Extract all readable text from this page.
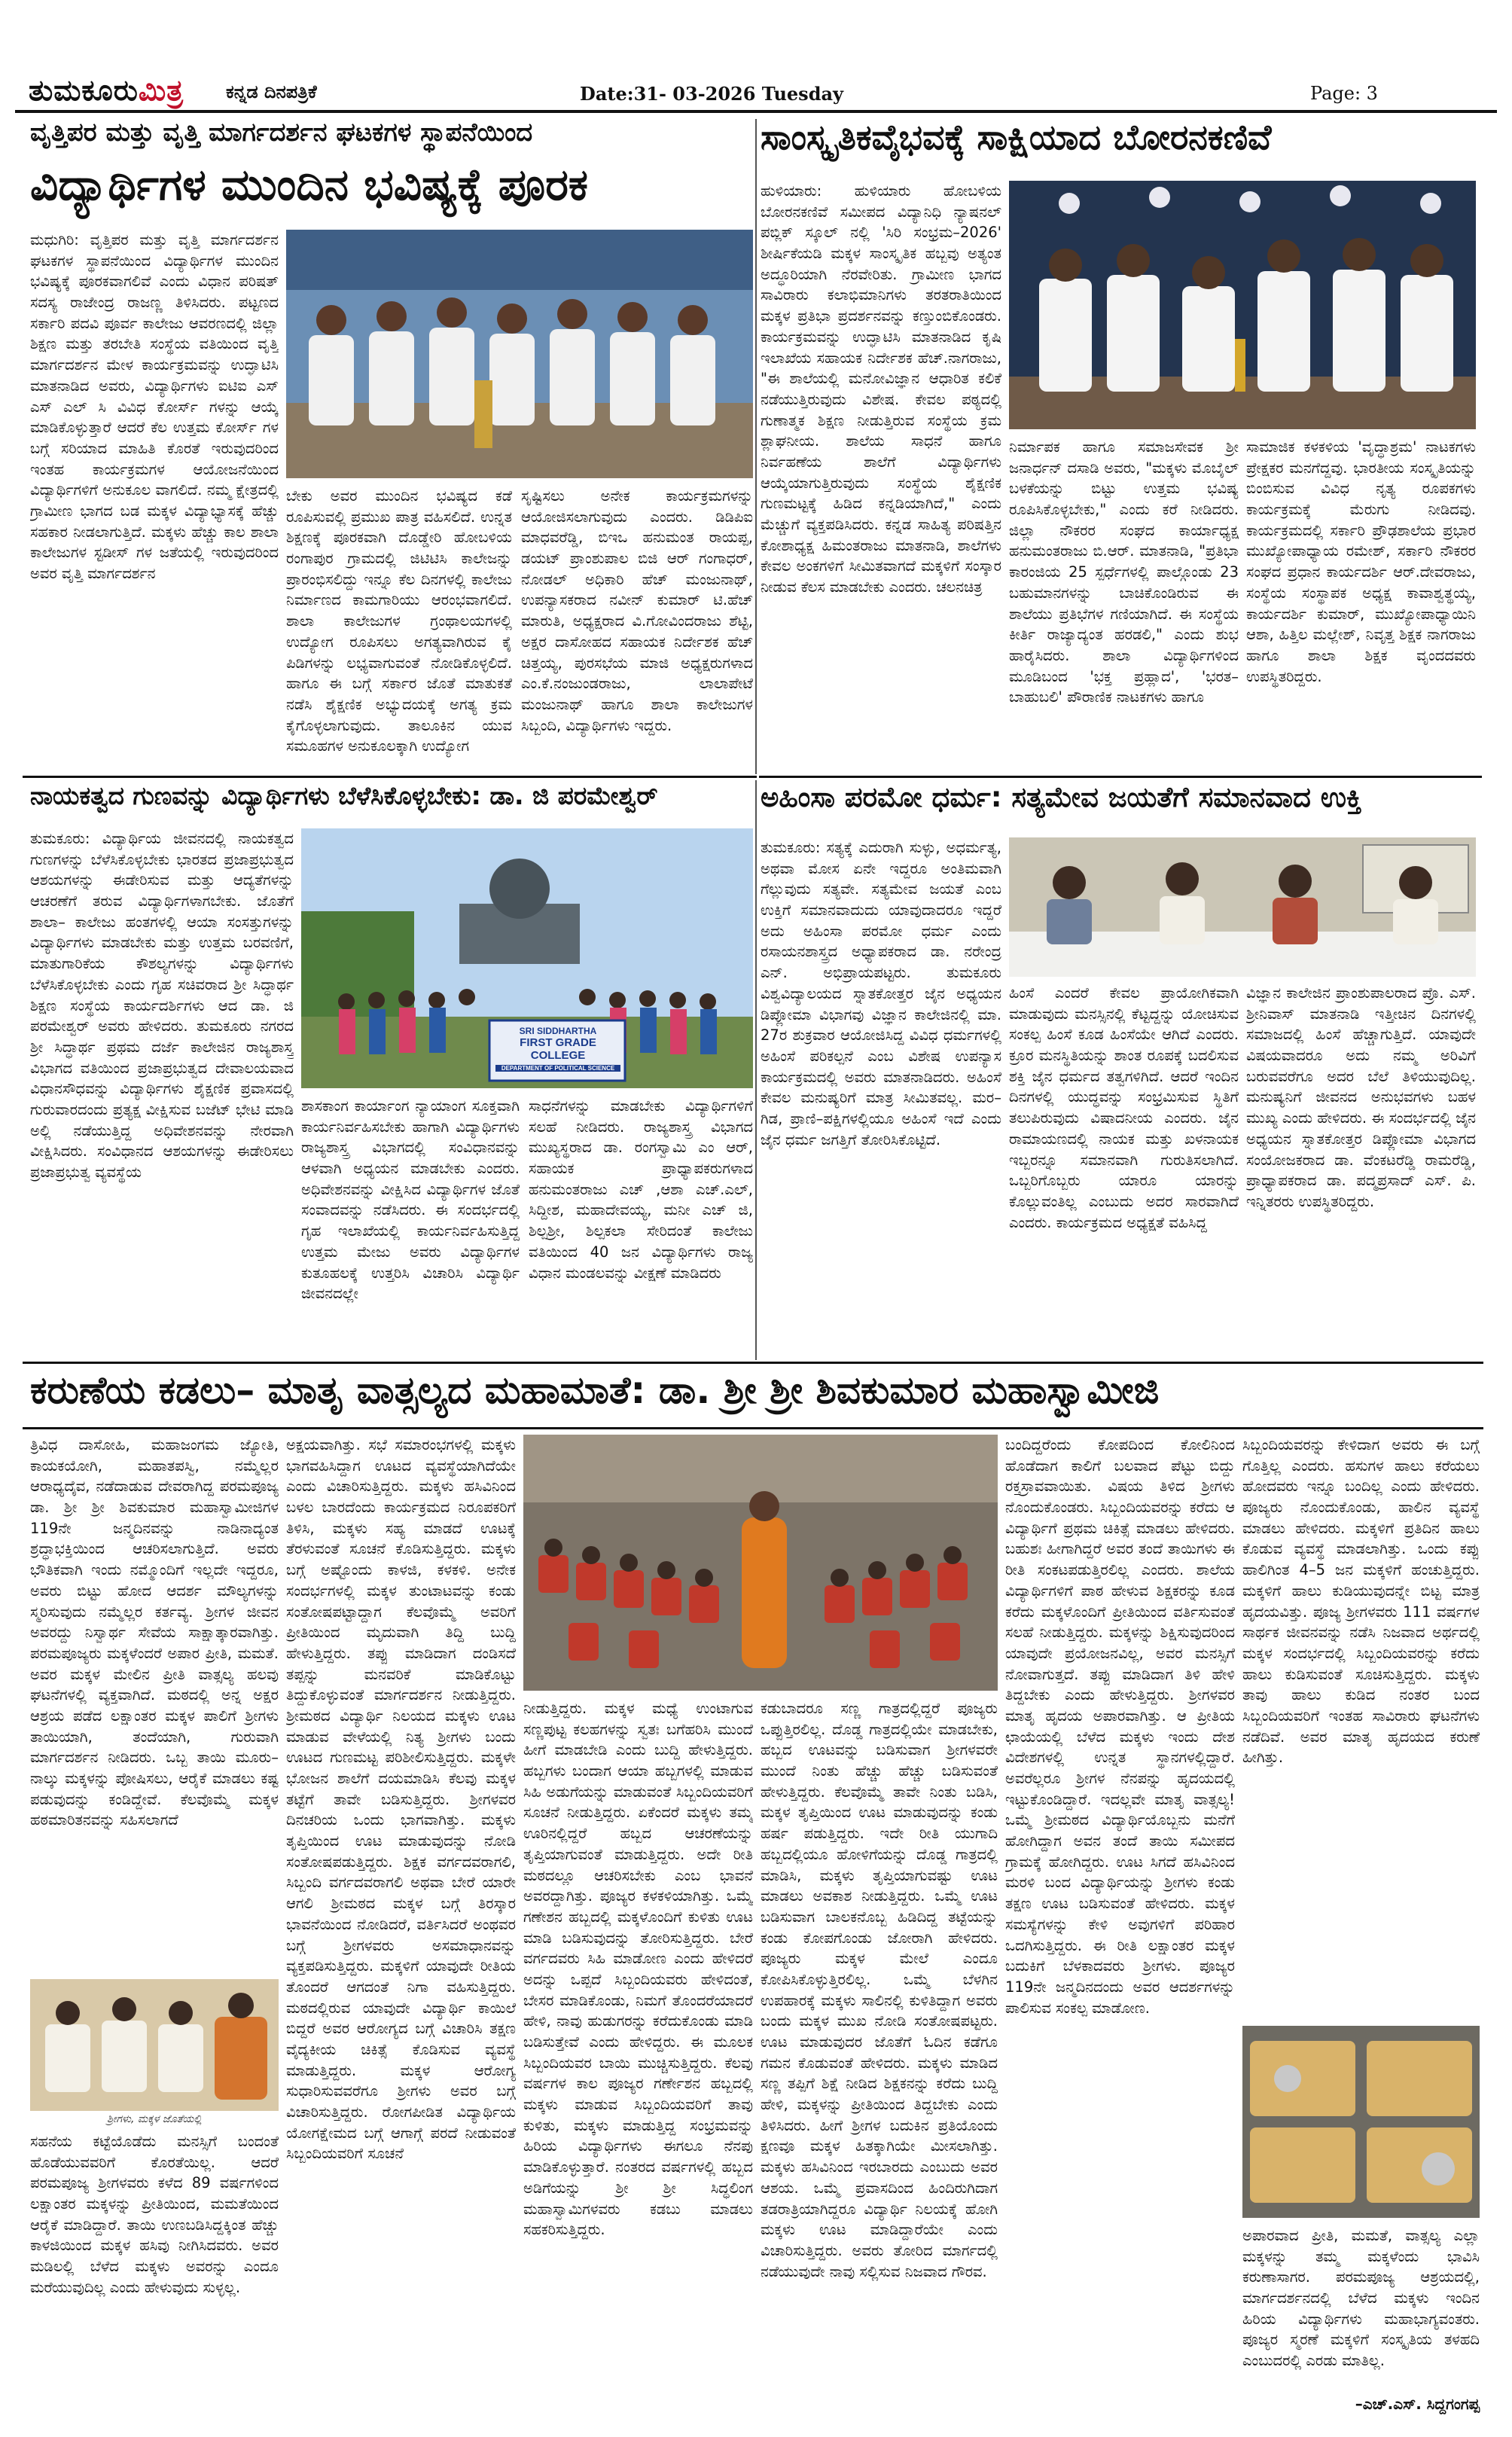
ತುಮಕೂರುಮಿತ್ರ ಕನ್ನಡ ದಿನಪತ್ರಿಕೆ	Date:31- 03-2026 Tuesday	Page: 3
ವೃತ್ತಿಪರ ಮತ್ತು ವೃತ್ತಿ ಮಾರ್ಗದರ್ಶನ ಘಟಕಗಳ ಸ್ಥಾಪನೆಯಿಂದ
ವಿದ್ಯಾರ್ಥಿಗಳ ಮುಂದಿನ ಭವಿಷ್ಯಕ್ಕೆ ಪೂರಕ

ಮಧುಗಿರಿ: ವೃತ್ತಿಪರ ಮತ್ತು ವೃತ್ತಿ ಮಾರ್ಗದರ್ಶನ ಘಟಕಗಳ ಸ್ಥಾಪನೆಯಿಂದ ವಿದ್ಯಾರ್ಥಿಗಳ ಮುಂದಿನ ಭವಿಷ್ಯಕ್ಕೆ ಪೂರಕವಾಗಲಿವೆ ಎಂದು ವಿಧಾನ ಪರಿಷತ್ ಸದಸ್ಯ ರಾಜೇಂದ್ರ ರಾಜಣ್ಣ ತಿಳಿಸಿದರು. ಪಟ್ಟಣದ ಸರ್ಕಾರಿ ಪದವಿ ಪೂರ್ವ ಕಾಲೇಜು ಆವರಣದಲ್ಲಿ ಜಿಲ್ಲಾ ಶಿಕ್ಷಣ ಮತ್ತು ತರಬೇತಿ ಸಂಸ್ಥೆಯ ವತಿಯಿಂದ ವೃತ್ತಿ ಮಾರ್ಗದರ್ಶನ ಮೇಳ ಕಾರ್ಯಕ್ರಮವನ್ನು ಉದ್ಘಾಟಿಸಿ ಮಾತನಾಡಿದ ಅವರು, ವಿದ್ಯಾರ್ಥಿಗಳು ಐಟಿಐ ಎಸ್ ಎಸ್ ಎಲ್ ಸಿ ವಿವಿಧ ಕೋರ್ಸ್ ಗಳನ್ನು ಆಯ್ಕೆ ಮಾಡಿಕೊಳ್ಳುತ್ತಾರೆ ಆದರೆ ಕೆಲ ಉತ್ತಮ ಕೋರ್ಸ್ ಗಳ ಬಗ್ಗೆ ಸರಿಯಾದ ಮಾಹಿತಿ ಕೊರತೆ ಇರುವುದರಿಂದ ಇಂತಹ ಕಾರ್ಯಕ್ರಮಗಳ ಆಯೋಜನೆಯಿಂದ ವಿದ್ಯಾರ್ಥಿಗಳಿಗೆ ಅನುಕೂಲ ವಾಗಲಿದೆ. ನಮ್ಮ ಕ್ಷೇತ್ರದಲ್ಲಿ ಗ್ರಾಮೀಣ ಭಾಗದ ಬಡ ಮಕ್ಕಳ ವಿದ್ಯಾಭ್ಯಾಸಕ್ಕೆ ಹೆಚ್ಚು ಸಹಕಾರ ನೀಡಲಾಗುತ್ತಿದೆ. ಮಕ್ಕಳು ಹೆಚ್ಚು ಕಾಲ ಶಾಲಾ ಕಾಲೇಜುಗಳ ಸ್ಟಡೀಸ್ ಗಳ ಜತೆಯಲ್ಲಿ ಇರುವುದರಿಂದ ಅವರ ವೃತ್ತಿ ಮಾರ್ಗದರ್ಶನ

ಬೇಕು ಅವರ ಮುಂದಿನ ಭವಿಷ್ಯದ ಕಡೆ ರೂಪಿಸುವಲ್ಲಿ ಪ್ರಮುಖ ಪಾತ್ರ ವಹಿಸಲಿದೆ. ಉನ್ನತ ಶಿಕ್ಷಣಕ್ಕೆ ಪೂರಕವಾಗಿ ದೊಡ್ಡೇರಿ ಹೋಬಳಿಯ ರಂಗಾಪುರ ಗ್ರಾಮದಲ್ಲಿ ಜಿಟಿಟಿಸಿ ಕಾಲೇಜನ್ನು ಪ್ರಾರಂಭಿಸಲಿದ್ದು ಇನ್ನೂ ಕೆಲ ದಿನಗಳಲ್ಲಿ ಕಾಲೇಜು ನಿರ್ಮಾಣದ ಕಾಮಗಾರಿಯು ಆರಂಭವಾಗಲಿದೆ. ಶಾಲಾ ಕಾಲೇಜುಗಳ ಗ್ರಂಥಾಲಯಗಳಲ್ಲಿ ಉದ್ಯೋಗ ರೂಪಿಸಲು ಅಗತ್ಯವಾಗಿರುವ ಕೈ ಪಿಡಿಗಳನ್ನು ಲಭ್ಯವಾಗುವಂತೆ ನೋಡಿಕೊಳ್ಳಲಿದೆ. ಹಾಗೂ ಈ ಬಗ್ಗೆ ಸರ್ಕಾರ ಜೊತೆ ಮಾತುಕತೆ ನಡೆಸಿ ಶೈಕ್ಷಣಿಕ ಅಭ್ಯುದಯಕ್ಕೆ ಅಗತ್ಯ ಕ್ರಮ ಕೈಗೊಳ್ಳಲಾಗುವುದು. ತಾಲೂಕಿನ ಯುವ ಸಮೂಹಗಳ ಅನುಕೂಲಕ್ಕಾಗಿ ಉದ್ಯೋಗ

ಸೃಷ್ಟಿಸಲು ಅನೇಕ ಕಾರ್ಯಕ್ರಮಗಳನ್ನು ಆಯೋಜಿಸಲಾಗುವುದು ಎಂದರು. ಡಿಡಿಪಿಐ ಮಾಧವರೆಡ್ಡಿ, ಬಿಇಒ ಹನುಮಂತ ರಾಯಪ್ಪ, ಡಯಟ್ ಪ್ರಾಂಶುಪಾಲ ಬಿಜಿ ಆರ್ ಗಂಗಾಧರ್, ನೋಡಲ್ ಅಧಿಕಾರಿ ಹೆಚ್ ಮಂಜುನಾಥ್, ಉಪನ್ಯಾಸಕರಾದ ನವೀನ್ ಕುಮಾರ್ ಟಿ.ಹೆಚ್ ಮಾರುತಿ, ಅಧ್ಯಕ್ಷರಾದ ವಿ.ಗೋವಿಂದರಾಜು ಶೆಟ್ಟಿ, ಅಕ್ಷರ ದಾಸೋಹದ ಸಹಾಯಕ ನಿರ್ದೇಶಕ ಹೆಚ್ ಚಿತ್ತಯ್ಯ, ಪುರಸಭೆಯ ಮಾಜಿ ಅಧ್ಯಕ್ಷರುಗಳಾದ ಎಂ.ಕೆ.ನಂಜುಂಡರಾಜು, ಲಾಲಾಪೇಟೆ ಮಂಜುನಾಥ್ ಹಾಗೂ ಶಾಲಾ ಕಾಲೇಜುಗಳ ಸಿಬ್ಬಂದಿ, ವಿದ್ಯಾರ್ಥಿಗಳು ಇದ್ದರು.

ಸಾಂಸ್ಕೃತಿಕವೈಭವಕ್ಕೆ ಸಾಕ್ಷಿಯಾದ ಬೋರನಕಣಿವೆ

ಹುಳಿಯಾರು: ಹುಳಿಯಾರು ಹೋಬಳಿಯ ಬೋರನಕಣಿವೆ ಸಮೀಪದ ವಿದ್ಯಾನಿಧಿ ನ್ಯಾಷನಲ್ ಪಬ್ಲಿಕ್ ಸ್ಕೂಲ್ ನಲ್ಲಿ 'ಸಿರಿ ಸಂಭ್ರಮ–2026' ಶೀರ್ಷಿಕೆಯಡಿ ಮಕ್ಕಳ ಸಾಂಸ್ಕೃತಿಕ ಹಬ್ಬವು ಅತ್ಯಂತ ಅದ್ಧೂರಿಯಾಗಿ ನೆರವೇರಿತು. ಗ್ರಾಮೀಣ ಭಾಗದ ಸಾವಿರಾರು ಕಲಾಭಿಮಾನಿಗಳು ತರತರಾತಿಯಿಂದ ಮಕ್ಕಳ ಪ್ರತಿಭಾ ಪ್ರದರ್ಶನವನ್ನು ಕಣ್ತುಂಬಿಕೊಂಡರು. ಕಾರ್ಯಕ್ರಮವನ್ನು ಉದ್ಘಾಟಿಸಿ ಮಾತನಾಡಿದ ಕೃಷಿ ಇಲಾಖೆಯ ಸಹಾಯಕ ನಿರ್ದೇಶಕ ಹೆಚ್.ನಾಗರಾಜು, "ಈ ಶಾಲೆಯಲ್ಲಿ ಮನೋವಿಜ್ಞಾನ ಆಧಾರಿತ ಕಲಿಕೆ ನಡೆಯುತ್ತಿರುವುದು ವಿಶೇಷ. ಕೇವಲ ಪಠ್ಯದಲ್ಲಿ ಗುಣಾತ್ಮಕ ಶಿಕ್ಷಣ ನೀಡುತ್ತಿರುವ ಸಂಸ್ಥೆಯ ಕ್ರಮ ಶ್ಲಾಘನೀಯ. ಶಾಲೆಯ ಸಾಧನೆ ಹಾಗೂ ನಿರ್ವಹಣೆಯ ಶಾಲೆಗೆ ವಿದ್ಯಾರ್ಥಿಗಳು ಆಯ್ಕೆಯಾಗುತ್ತಿರುವುದು ಸಂಸ್ಥೆಯ ಶೈಕ್ಷಣಿಕ ಗುಣಮಟ್ಟಕ್ಕೆ ಹಿಡಿದ ಕನ್ನಡಿಯಾಗಿದೆ," ಎಂದು ಮೆಚ್ಚುಗೆ ವ್ಯಕ್ತಪಡಿಸಿದರು. ಕನ್ನಡ ಸಾಹಿತ್ಯ ಪರಿಷತ್ತಿನ ಕೋಶಾಧ್ಯಕ್ಷ ಹಿಮಂತರಾಜು ಮಾತನಾಡಿ, ಶಾಲೆಗಳು ಕೇವಲ ಅಂಕಗಳಿಗೆ ಸೀಮಿತವಾಗದೆ ಮಕ್ಕಳಿಗೆ ಸಂಸ್ಕಾರ ನೀಡುವ ಕೆಲಸ ಮಾಡಬೇಕು ಎಂದರು. ಚಲನಚಿತ್ರ

ನಿರ್ಮಾಪಕ ಹಾಗೂ ಸಮಾಜಸೇವಕ ಶ್ರೀ ಜನಾರ್ಧನ್ ದಸಾಡಿ ಅವರು, "ಮಕ್ಕಳು ಮೊಬೈಲ್ ಬಳಕೆಯನ್ನು ಬಿಟ್ಟು ಉತ್ತಮ ಭವಿಷ್ಯ ರೂಪಿಸಿಕೊಳ್ಳಬೇಕು," ಎಂದು ಕರೆ ನೀಡಿದರು. ಜಿಲ್ಲಾ ನೌಕರರ ಸಂಘದ ಕಾರ್ಯಾಧ್ಯಕ್ಷ ಹನುಮಂತರಾಜು ಬಿ.ಆರ್. ಮಾತನಾಡಿ, "ಪ್ರತಿಭಾ ಕಾರಂಜಿಯ 25 ಸ್ಪರ್ಧೆಗಳಲ್ಲಿ ಪಾಲ್ಗೊಂಡು 23 ಬಹುಮಾನಗಳನ್ನು ಬಾಚಿಕೊಂಡಿರುವ ಈ ಶಾಲೆಯು ಪ್ರತಿಭೆಗಳ ಗಣಿಯಾಗಿದೆ. ಈ ಸಂಸ್ಥೆಯ ಕೀರ್ತಿ ರಾಜ್ಯಾದ್ಯಂತ ಹರಡಲಿ," ಎಂದು ಶುಭ ಹಾರೈಸಿದರು. ಶಾಲಾ ವಿದ್ಯಾರ್ಥಿಗಳಿಂದ ಮೂಡಿಬಂದ 'ಭಕ್ತ ಪ್ರಹ್ಲಾದ', 'ಭರತ–ಬಾಹುಬಲಿ' ಪೌರಾಣಿಕ ನಾಟಕಗಳು ಹಾಗೂ

ಸಾಮಾಜಿಕ ಕಳಕಳಿಯ 'ವೃದ್ಧಾಶ್ರಮ' ನಾಟಕಗಳು ಪ್ರೇಕ್ಷಕರ ಮನಗೆದ್ದವು. ಭಾರತೀಯ ಸಂಸ್ಕೃತಿಯನ್ನು ಬಿಂಬಿಸುವ ವಿವಿಧ ನೃತ್ಯ ರೂಪಕಗಳು ಕಾರ್ಯಕ್ರಮಕ್ಕೆ ಮೆರುಗು ನೀಡಿದವು. ಕಾರ್ಯಕ್ರಮದಲ್ಲಿ ಸರ್ಕಾರಿ ಪ್ರೌಢಶಾಲೆಯ ಪ್ರಭಾರ ಮುಖ್ಯೋಪಾಧ್ಯಾಯ ರಮೇಶ್, ಸರ್ಕಾರಿ ನೌಕರರ ಸಂಘದ ಪ್ರಧಾನ ಕಾರ್ಯದರ್ಶಿ ಆರ್.ದೇವರಾಜು, ಸಂಸ್ಥೆಯ ಸಂಸ್ಥಾಪಕ ಅಧ್ಯಕ್ಷ ಕಾವಾಶ್ವತ್ಥಯ್ಯ, ಕಾರ್ಯದರ್ಶಿ ಕುಮಾರ್, ಮುಖ್ಯೋಪಾಧ್ಯಾಯಿನಿ ಆಶಾ, ಹಿತ್ತಿಲ ಮಲ್ಲೇಶ್, ನಿವೃತ್ತ ಶಿಕ್ಷಕ ನಾಗರಾಜು ಹಾಗೂ ಶಾಲಾ ಶಿಕ್ಷಕ ವೃಂದದವರು ಉಪಸ್ಥಿತರಿದ್ದರು.

ನಾಯಕತ್ವದ ಗುಣವನ್ನು ವಿದ್ಯಾರ್ಥಿಗಳು ಬೆಳೆಸಿಕೊಳ್ಳಬೇಕು: ಡಾ. ಜಿ ಪರಮೇಶ್ವರ್

ತುಮಕೂರು: ವಿದ್ಯಾರ್ಥಿಯ ಜೀವನದಲ್ಲಿ ನಾಯಕತ್ವದ ಗುಣಗಳನ್ನು ಬೆಳೆಸಿಕೊಳ್ಳಬೇಕು ಭಾರತದ ಪ್ರಜಾಪ್ರಭುತ್ವದ ಆಶಯಗಳನ್ನು ಈಡೇರಿಸುವ ಮತ್ತು ಆದ್ಯತೆಗಳನ್ನು ಆಚರಣೆಗೆ ತರುವ ವಿದ್ಯಾರ್ಥಿಗಳಾಗಬೇಕು. ಜೊತೆಗೆ ಶಾಲಾ– ಕಾಲೇಜು ಹಂತಗಳಲ್ಲಿ ಆಯಾ ಸಂಸತ್ತುಗಳನ್ನು ವಿದ್ಯಾರ್ಥಿಗಳು ಮಾಡಬೇಕು ಮತ್ತು ಉತ್ತಮ ಬರವಣಿಗೆ, ಮಾತುಗಾರಿಕೆಯ ಕೌಶಲ್ಯಗಳನ್ನು ವಿದ್ಯಾರ್ಥಿಗಳು ಬೆಳೆಸಿಕೊಳ್ಳಬೇಕು ಎಂದು ಗೃಹ ಸಚಿವರಾದ ಶ್ರೀ ಸಿದ್ಧಾರ್ಥ ಶಿಕ್ಷಣ ಸಂಸ್ಥೆಯ ಕಾರ್ಯದರ್ಶಿಗಳು ಆದ ಡಾ. ಜಿ ಪರಮೇಶ್ವರ್ ಅವರು ಹೇಳಿದರು. ತುಮಕೂರು ನಗರದ ಶ್ರೀ ಸಿದ್ಧಾರ್ಥ ಪ್ರಥಮ ದರ್ಜೆ ಕಾಲೇಜಿನ ರಾಜ್ಯಶಾಸ್ತ್ರ ವಿಭಾಗದ ವತಿಯಿಂದ ಪ್ರಜಾಪ್ರಭುತ್ವದ ದೇವಾಲಯವಾದ ವಿಧಾನಸೌಧವನ್ನು ವಿದ್ಯಾರ್ಥಿಗಳು ಶೈಕ್ಷಣಿಕ ಪ್ರವಾಸದಲ್ಲಿ ಗುರುವಾರದಂದು ಪ್ರತ್ಯಕ್ಷ ವೀಕ್ಷಿಸುವ ಬಜೆಟ್ ಭೇಟಿ ಮಾಡಿ ಅಲ್ಲಿ ನಡೆಯುತ್ತಿದ್ದ ಅಧಿವೇಶನವನ್ನು ನೇರವಾಗಿ ವೀಕ್ಷಿಸಿದರು. ಸಂವಿಧಾನದ ಆಶಯಗಳನ್ನು ಈಡೇರಿಸಲು ಪ್ರಜಾಪ್ರಭುತ್ವ ವ್ಯವಸ್ಥೆಯ

SRI SIDDHARTHA
FIRST GRADE COLLEGE
DEPARTMENT OF POLITICAL SCIENCE

ಶಾಸಕಾಂಗ ಕಾರ್ಯಾಂಗ ನ್ಯಾಯಾಂಗ ಸೂಕ್ತವಾಗಿ ಕಾರ್ಯನಿರ್ವಹಿಸಬೇಕು ಹಾಗಾಗಿ ವಿದ್ಯಾರ್ಥಿಗಳು ರಾಜ್ಯಶಾಸ್ತ್ರ ವಿಭಾಗದಲ್ಲಿ ಸಂವಿಧಾನವನ್ನು ಆಳವಾಗಿ ಅಧ್ಯಯನ ಮಾಡಬೇಕು ಎಂದರು. ಅಧಿವೇಶನವನ್ನು ವೀಕ್ಷಿಸಿದ ವಿದ್ಯಾರ್ಥಿಗಳ ಜೊತೆ ಸಂವಾದವನ್ನು ನಡೆಸಿದರು. ಈ ಸಂದರ್ಭದಲ್ಲಿ ಗೃಹ ಇಲಾಖೆಯಲ್ಲಿ ಕಾರ್ಯನಿರ್ವಹಿಸುತ್ತಿದ್ದ ಉತ್ತಮ ಮೇಜು ಅವರು ವಿದ್ಯಾರ್ಥಿಗಳ ಕುತೂಹಲಕ್ಕೆ ಉತ್ತರಿಸಿ ವಿಚಾರಿಸಿ ವಿದ್ಯಾರ್ಥಿ ಜೀವನದಲ್ಲೇ

ಸಾಧನೆಗಳನ್ನು ಮಾಡಬೇಕು ವಿದ್ಯಾರ್ಥಿಗಳಿಗೆ ಸಲಹೆ ನೀಡಿದರು. ರಾಜ್ಯಶಾಸ್ತ್ರ ವಿಭಾಗದ ಮುಖ್ಯಸ್ಥರಾದ ಡಾ. ರಂಗಸ್ವಾಮಿ ಎಂ ಆರ್, ಸಹಾಯಕ ಪ್ರಾಧ್ಯಾಪಕರುಗಳಾದ ಹನುಮಂತರಾಜು ಎಚ್ ,ಆಶಾ ಎಚ್.ಎಲ್, ಸಿದ್ದೀಶ, ಮಹಾದೇವಯ್ಯ, ಮನೀ ಎಚ್ ಜಿ, ಶಿಲ್ಪಶ್ರೀ, ಶಿಲ್ಪಕಲಾ ಸೇರಿದಂತೆ ಕಾಲೇಜು ವತಿಯಿಂದ 40 ಜನ ವಿದ್ಯಾರ್ಥಿಗಳು ರಾಜ್ಯ ವಿಧಾನ ಮಂಡಲವನ್ನು ವೀಕ್ಷಣೆ ಮಾಡಿದರು

ಅಹಿಂಸಾ ಪರಮೋ ಧರ್ಮ: ಸತ್ಯಮೇವ ಜಯತೆಗೆ ಸಮಾನವಾದ ಉಕ್ತಿ

ತುಮಕೂರು: ಸತ್ಯಕ್ಕೆ ಎದುರಾಗಿ ಸುಳ್ಳು, ಅಧರ್ಮತ್ಯ, ಅಥವಾ ಮೋಸ ಏನೇ ಇದ್ದರೂ ಅಂತಿಮವಾಗಿ ಗೆಲ್ಲುವುದು ಸತ್ಯವೇ. ಸತ್ಯಮೇವ ಜಯತೆ ಎಂಬ ಉಕ್ತಿಗೆ ಸಮಾನವಾದುದು ಯಾವುದಾದರೂ ಇದ್ದರೆ ಅದು ಅಹಿಂಸಾ ಪರಮೋ ಧರ್ಮ ಎಂದು ರಸಾಯನಶಾಸ್ತ್ರದ ಅಧ್ಯಾಪಕರಾದ ಡಾ. ನರೇಂದ್ರ ಎನ್. ಅಭಿಪ್ರಾಯಪಟ್ಟರು. ತುಮಕೂರು ವಿಶ್ವವಿದ್ಯಾಲಯದ ಸ್ನಾತಕೋತ್ತರ ಜೈನ ಅಧ್ಯಯನ ಡಿಪ್ಲೋಮಾ ವಿಭಾಗವು ವಿಜ್ಞಾನ ಕಾಲೇಜಿನಲ್ಲಿ ಮಾ. 27ರ ಶುಕ್ರವಾರ ಆಯೋಜಿಸಿದ್ದ ವಿವಿಧ ಧರ್ಮಗಳಲ್ಲಿ ಅಹಿಂಸೆ ಪರಿಕಲ್ಪನೆ ಎಂಬ ವಿಶೇಷ ಉಪನ್ಯಾಸ ಕಾರ್ಯಕ್ರಮದಲ್ಲಿ ಅವರು ಮಾತನಾಡಿದರು. ಅಹಿಂಸೆ ಕೇವಲ ಮನುಷ್ಯರಿಗೆ ಮಾತ್ರ ಸೀಮಿತವಲ್ಲ. ಮರ–ಗಿಡ, ಪ್ರಾಣಿ–ಪಕ್ಷಿಗಳಲ್ಲಿಯೂ ಅಹಿಂಸೆ ಇದೆ ಎಂದು ಜೈನ ಧರ್ಮ ಜಗತ್ತಿಗೆ ತೋರಿಸಿಕೊಟ್ಟಿದೆ.

ಹಿಂಸೆ ಎಂದರೆ ಕೇವಲ ಪ್ರಾಯೋಗಿಕವಾಗಿ ಮಾಡುವುದು ಮನಸ್ಸಿನಲ್ಲಿ ಕೆಟ್ಟದ್ದನ್ನು ಯೋಚಿಸುವ ಸಂಕಲ್ಪ ಹಿಂಸೆ ಕೂಡ ಹಿಂಸೆಯೇ ಆಗಿದೆ ಎಂದರು. ಕ್ರೂರ ಮನಸ್ಥಿತಿಯನ್ನು ಶಾಂತ ರೂಪಕ್ಕೆ ಬದಲಿಸುವ ಶಕ್ತಿ ಜೈನ ಧರ್ಮದ ತತ್ವಗಳಿಗಿದೆ. ಆದರೆ ಇಂದಿನ ದಿನಗಳಲ್ಲಿ ಯುದ್ಧವನ್ನು ಸಂಭ್ರಮಿಸುವ ಸ್ಥಿತಿಗೆ ತಲುಪಿರುವುದು ವಿಷಾದನೀಯ ಎಂದರು. ಜೈನ ರಾಮಾಯಣದಲ್ಲಿ ನಾಯಕ ಮತ್ತು ಖಳನಾಯಕ ಇಬ್ಬರನ್ನೂ ಸಮಾನವಾಗಿ ಗುರುತಿಸಲಾಗಿದೆ. ಒಬ್ಬರಿಗೊಬ್ಬರು ಯಾರೂ ಯಾರನ್ನು ಕೊಲ್ಲುವಂತಿಲ್ಲ ಎಂಬುದು ಅದರ ಸಾರವಾಗಿದೆ ಎಂದರು. ಕಾರ್ಯಕ್ರಮದ ಅಧ್ಯಕ್ಷತೆ ವಹಿಸಿದ್ದ

ವಿಜ್ಞಾನ ಕಾಲೇಜಿನ ಪ್ರಾಂಶುಪಾಲರಾದ ಪ್ರೊ. ಎಸ್. ಶ್ರೀನಿವಾಸ್ ಮಾತನಾಡಿ ಇತ್ತೀಚಿನ ದಿನಗಳಲ್ಲಿ ಸಮಾಜದಲ್ಲಿ ಹಿಂಸೆ ಹೆಚ್ಚಾಗುತ್ತಿದೆ. ಯಾವುದೇ ವಿಷಯವಾದರೂ ಅದು ನಮ್ಮ ಅರಿವಿಗೆ ಬರುವವರೆಗೂ ಅದರ ಬೆಲೆ ತಿಳಿಯುವುದಿಲ್ಲ. ಮನುಷ್ಯನಿಗೆ ಜೀವನದ ಅನುಭವಗಳು ಬಹಳ ಮುಖ್ಯ ಎಂದು ಹೇಳಿದರು. ಈ ಸಂದರ್ಭದಲ್ಲಿ ಜೈನ ಅಧ್ಯಯನ ಸ್ನಾತಕೋತ್ತರ ಡಿಪ್ಲೋಮಾ ವಿಭಾಗದ ಸಂಯೋಜಕರಾದ ಡಾ. ವೆಂಕಟರೆಡ್ಡಿ ರಾಮರೆಡ್ಡಿ, ಪ್ರಾಧ್ಯಾಪಕರಾದ ಡಾ. ಪದ್ಮಪ್ರಸಾದ್ ಎಸ್. ಪಿ. ಇನ್ನಿತರರು ಉಪಸ್ಥಿತರಿದ್ದರು.

ಕರುಣೆಯ ಕಡಲು– ಮಾತೃ ವಾತ್ಸಲ್ಯದ ಮಹಾಮಾತೆ: ಡಾ. ಶ್ರೀ ಶ್ರೀ ಶಿವಕುಮಾರ ಮಹಾಸ್ವಾಮೀಜಿ

ತ್ರಿವಿಧ ದಾಸೋಹಿ, ಮಹಾಜಂಗಮ ಜ್ಯೋತಿ, ಕಾಯಕಯೋಗಿ, ಮಹಾತಪಸ್ವಿ, ನಮ್ಮೆಲ್ಲರ ಆರಾಧ್ಯದೈವ, ನಡೆದಾಡುವ ದೇವರಾಗಿದ್ದ ಪರಮಪೂಜ್ಯ ಡಾ. ಶ್ರೀ ಶ್ರೀ ಶಿವಕುಮಾರ ಮಹಾಸ್ವಾಮೀಜಿಗಳ 119ನೇ ಜನ್ಮದಿನವನ್ನು ನಾಡಿನಾದ್ಯಂತ ಶ್ರದ್ಧಾಭಕ್ತಿಯಿಂದ ಆಚರಿಸಲಾಗುತ್ತಿದೆ. ಅವರು ಭೌತಿಕವಾಗಿ ಇಂದು ನಮ್ಮೊಂದಿಗೆ ಇಲ್ಲದೇ ಇದ್ದರೂ, ಅವರು ಬಿಟ್ಟು ಹೋದ ಆದರ್ಶ ಮೌಲ್ಯಗಳನ್ನು ಸ್ಮರಿಸುವುದು ನಮ್ಮೆಲ್ಲರ ಕರ್ತವ್ಯ. ಶ್ರೀಗಳ ಜೀವನ ಅವರದ್ದು ನಿಸ್ವಾರ್ಥ ಸೇವೆಯ ಸಾಕ್ಷಾತ್ಕಾರವಾಗಿತ್ತು. ಪರಮಪೂಜ್ಯರು ಮಕ್ಕಳೆಂದರೆ ಅಪಾರ ಪ್ರೀತಿ, ಮಮತೆ. ಅವರ ಮಕ್ಕಳ ಮೇಲಿನ ಪ್ರೀತಿ ವಾತ್ಸಲ್ಯ ಹಲವು ಘಟನೆಗಳಲ್ಲಿ ವ್ಯಕ್ತವಾಗಿದೆ. ಮಠದಲ್ಲಿ ಅನ್ನ ಅಕ್ಷರ ಆಶ್ರಯ ಪಡೆದ ಲಕ್ಷಾಂತರ ಮಕ್ಕಳ ಪಾಲಿಗೆ ಶ್ರೀಗಳು ತಾಯಿಯಾಗಿ, ತಂದೆಯಾಗಿ, ಗುರುವಾಗಿ ಮಾರ್ಗದರ್ಶನ ನೀಡಿದರು. ಒಬ್ಬ ತಾಯಿ ಮೂರು–ನಾಲ್ಕು ಮಕ್ಕಳನ್ನು ಪೋಷಿಸಲು, ಆರೈಕೆ ಮಾಡಲು ಕಷ್ಟ ಪಡುವುದನ್ನು ಕಂಡಿದ್ದೇವೆ. ಕೆಲವೊಮ್ಮೆ ಮಕ್ಕಳ ಹಠಮಾರಿತನವನ್ನು ಸಹಿಸಲಾಗದೆ

ಶ್ರೀಗಳು, ಮಕ್ಕಳ ಜೊತೆಯಲ್ಲಿ

ಸಹನೆಯ ಕಟ್ಟೆಯೊಡೆದು ಮನಸ್ಸಿಗೆ ಬಂದಂತೆ ಹೊಡೆಯುವವರಿಗೆ ಕೊರತೆಯಿಲ್ಲ. ಆದರೆ ಪರಮಪೂಜ್ಯ ಶ್ರೀಗಳವರು ಕಳೆದ 89 ವರ್ಷಗಳಿಂದ ಲಕ್ಷಾಂತರ ಮಕ್ಕಳನ್ನು ಪ್ರೀತಿಯಿಂದ, ಮಮತೆಯಿಂದ ಆರೈಕೆ ಮಾಡಿದ್ದಾರೆ. ತಾಯಿ ಉಣಬಡಿಸಿದ್ದಕ್ಕಿಂತ ಹೆಚ್ಚು ಕಾಳಜಿಯಿಂದ ಮಕ್ಕಳ ಹಸಿವು ನೀಗಿಸಿದವರು. ಅವರ ಮಡಿಲಲ್ಲಿ ಬೆಳೆದ ಮಕ್ಕಳು ಅವರನ್ನು ಎಂದೂ ಮರೆಯುವುದಿಲ್ಲ ಎಂದು ಹೇಳುವುದು ಸುಳ್ಳಲ್ಲ.

ಅಕ್ಷಯವಾಗಿತ್ತು. ಸಭೆ ಸಮಾರಂಭಗಳಲ್ಲಿ ಮಕ್ಕಳು ಭಾಗವಹಿಸಿದ್ದಾಗ ಊಟದ ವ್ಯವಸ್ಥೆಯಾಗಿದೆಯೇ ಎಂದು ವಿಚಾರಿಸುತ್ತಿದ್ದರು. ಮಕ್ಕಳು ಹಸಿವಿನಿಂದ ಬಳಲ ಬಾರದೆಂದು ಕಾರ್ಯಕ್ರಮದ ನಿರೂಪಕರಿಗೆ ತಿಳಿಸಿ, ಮಕ್ಕಳು ಸಹ್ಯ ಮಾಡದೆ ಊಟಕ್ಕೆ ತೆರಳುವಂತೆ ಸೂಚನೆ ಕೊಡಿಸುತ್ತಿದ್ದರು. ಮಕ್ಕಳು ಬಗ್ಗೆ ಅಷ್ಟೊಂದು ಕಾಳಜಿ, ಕಳಕಳಿ. ಅನೇಕ ಸಂದರ್ಭಗಳಲ್ಲಿ ಮಕ್ಕಳ ತುಂಟಾಟವನ್ನು ಕಂಡು ಸಂತೋಷಪಟ್ಟಾದ್ದಾಗ ಕೆಲವೊಮ್ಮೆ ಅವರಿಗೆ ಪ್ರೀತಿಯಿಂದ ಮೃದುವಾಗಿ ತಿದ್ದಿ ಬುದ್ದಿ ಹೇಳುತ್ತಿದ್ದರು. ತಪ್ಪು ಮಾಡಿದಾಗ ದಂಡಿಸದೆ ತಪ್ಪನ್ನು ಮನವರಿಕೆ ಮಾಡಿಕೊಟ್ಟು ತಿದ್ದುಕೊಳ್ಳುವಂತೆ ಮಾರ್ಗದರ್ಶನ ನೀಡುತ್ತಿದ್ದರು. ಶ್ರೀಮಠದ ವಿದ್ಯಾರ್ಥಿ ನಿಲಯದ ಮಕ್ಕಳು ಊಟ ಮಾಡುವ ವೇಳೆಯಲ್ಲಿ ನಿತ್ಯ ಶ್ರೀಗಳು ಬಂದು ಊಟದ ಗುಣಮಟ್ಟ ಪರಿಶೀಲಿಸುತ್ತಿದ್ದರು. ಮಕ್ಕಳೇ ಭೋಜನ ಶಾಲೆಗೆ ದಯಮಾಡಿಸಿ ಕೆಲವು ಮಕ್ಕಳ ತಟ್ಟೆಗೆ ತಾವೇ ಬಡಿಸುತ್ತಿದ್ದರು. ಶ್ರೀಗಳವರ ದಿನಚರಿಯ ಒಂದು ಭಾಗವಾಗಿತ್ತು. ಮಕ್ಕಳು ತೃಪ್ತಿಯಿಂದ ಊಟ ಮಾಡುವುದನ್ನು ನೋಡಿ ಸಂತೋಷಪಡುತ್ತಿದ್ದರು. ಶಿಕ್ಷಕ ವರ್ಗದವರಾಗಲಿ, ಸಿಬ್ಬಂದಿ ವರ್ಗದವರಾಗಲಿ ಅಥವಾ ಬೇರೆ ಯಾರೇ ಆಗಲಿ ಶ್ರೀಮಠದ ಮಕ್ಕಳ ಬಗ್ಗೆ ತಿರಸ್ಕಾರ ಭಾವನೆಯಿಂದ ನೋಡಿದರೆ, ವರ್ತಿಸಿದರೆ ಅಂಥವರ ಬಗ್ಗೆ ಶ್ರೀಗಳವರು ಅಸಮಾಧಾನವನ್ನು ವ್ಯಕ್ತಪಡಿಸುತ್ತಿದ್ದರು. ಮಕ್ಕಳಿಗೆ ಯಾವುದೇ ರೀತಿಯ ತೊಂದರೆ ಆಗದಂತೆ ನಿಗಾ ವಹಿಸುತ್ತಿದ್ದರು. ಮಠದಲ್ಲಿರುವ ಯಾವುದೇ ವಿದ್ಯಾರ್ಥಿ ಕಾಯಿಲೆ ಬಿದ್ದರೆ ಅವರ ಆರೋಗ್ಯದ ಬಗ್ಗೆ ವಿಚಾರಿಸಿ ತಕ್ಷಣ ವೈದ್ಯಕೀಯ ಚಿಕಿತ್ಸೆ ಕೊಡಿಸುವ ವ್ಯವಸ್ಥೆ ಮಾಡುತ್ತಿದ್ದರು. ಮಕ್ಕಳ ಆರೋಗ್ಯ ಸುಧಾರಿಸುವವರೆಗೂ ಶ್ರೀಗಳು ಅವರ ಬಗ್ಗೆ ವಿಚಾರಿಸುತ್ತಿದ್ದರು. ರೋಗಪೀಡಿತ ವಿದ್ಯಾರ್ಥಿಯ ಯೋಗಕ್ಷೇಮದ ಬಗ್ಗೆ ಆಗಾಗ್ಗೆ ಪರದೆ ನೀಡುವಂತೆ ಸಿಬ್ಬಂದಿಯವರಿಗೆ ಸೂಚನೆ

ನೀಡುತ್ತಿದ್ದರು. ಮಕ್ಕಳ ಮಧ್ಯೆ ಉಂಟಾಗುವ ಸಣ್ಣಪುಟ್ಟ ಕಲಹಗಳನ್ನು ಸ್ವತಃ ಬಗೆಹರಿಸಿ ಮುಂದೆ ಹೀಗೆ ಮಾಡಬೇಡಿ ಎಂದು ಬುದ್ದಿ ಹೇಳುತ್ತಿದ್ದರು. ಹಬ್ಬಗಳು ಬಂದಾಗ ಆಯಾ ಹಬ್ಬಗಳಲ್ಲಿ ಮಾಡುವ ಸಿಹಿ ಅಡುಗೆಯನ್ನು ಮಾಡುವಂತೆ ಸಿಬ್ಬಂದಿಯವರಿಗೆ ಸೂಚನೆ ನೀಡುತ್ತಿದ್ದರು. ಏಕೆಂದರೆ ಮಕ್ಕಳು ತಮ್ಮ ಊರಿನಲ್ಲಿದ್ದರೆ ಹಬ್ಬದ ಆಚರಣೆಯನ್ನು ತೃಪ್ತಿಯಾಗುವಂತೆ ಮಾಡುತ್ತಿದ್ದರು. ಅದೇ ರೀತಿ ಮಠದಲ್ಲೂ ಆಚರಿಸಬೇಕು ಎಂಬ ಭಾವನೆ ಅವರದ್ದಾಗಿತ್ತು. ಪೂಜ್ಯರ ಕಳಕಳಿಯಾಗಿತ್ತು. ಒಮ್ಮೆ ಗಣೇಶನ ಹಬ್ಬದಲ್ಲಿ ಮಕ್ಕಳೊಂದಿಗೆ ಕುಳಿತು ಊಟ ಮಾಡಿ ಬಡಿಸುವುದನ್ನು ತೋರಿಸುತ್ತಿದ್ದರು. ಬೇರೆ ವರ್ಗದವರು ಸಿಹಿ ಮಾಡೋಣ ಎಂದು ಹೇಳಿದರೆ ಅದನ್ನು ಒಪ್ಪದೆ ಸಿಬ್ಬಂದಿಯವರು ಹೇಳಿದಂತೆ, ಬೇಸರ ಮಾಡಿಕೊಂಡು, ನಿಮಗೆ ತೊಂದರೆಯಾದರೆ ಹೇಳಿ, ನಾವು ಹುಡುಗರನ್ನು ಕರೆದುಕೊಂಡು ಮಾಡಿ ಬಡಿಸುತ್ತೇವೆ ಎಂದು ಹೇಳಿದ್ದರು. ಈ ಮೂಲಕ ಸಿಬ್ಬಂದಿಯವರ ಬಾಯಿ ಮುಚ್ಚಿಸುತ್ತಿದ್ದರು. ಕೆಲವು ವರ್ಷಗಳ ಕಾಲ ಪೂಜ್ಯರ ಗರ್ಣೇಶನ ಹಬ್ಬದಲ್ಲಿ ಮಕ್ಕಳು ಮಾಡುವ ಸಿಬ್ಬಂದಿಯವರಿಗೆ ತಾವು ಕುಳಿತು, ಮಕ್ಕಳು ಮಾಡುತ್ತಿದ್ದ ಸಂಭ್ರಮವನ್ನು ಹಿರಿಯ ವಿದ್ಯಾರ್ಥಿಗಳು ಈಗಲೂ ನೆನಪು ಮಾಡಿಕೊಳ್ಳುತ್ತಾರೆ. ನಂತರದ ವರ್ಷಗಳಲ್ಲಿ ಹಬ್ಬದ ಅಡಿಗೆಯನ್ನು ಶ್ರೀ ಶ್ರೀ ಸಿದ್ಧಲಿಂಗ ಮಹಾಸ್ವಾಮಿಗಳವರು ಕಡಬು ಮಾಡಲು ಸಹಕರಿಸುತ್ತಿದ್ದರು.

ಕಡುಬಾದರೂ ಸಣ್ಣ ಗಾತ್ರದಲ್ಲಿದ್ದರೆ ಪೂಜ್ಯರು ಒಪ್ಪುತ್ತಿರಲಿಲ್ಲ. ದೊಡ್ಡ ಗಾತ್ರದಲ್ಲಿಯೇ ಮಾಡಬೇಕು, ಹಬ್ಬದ ಊಟವನ್ನು ಬಡಿಸುವಾಗ ಶ್ರೀಗಳವರೇ ಮುಂದೆ ನಿಂತು ಹೆಚ್ಚು ಹೆಚ್ಚು ಬಡಿಸುವಂತೆ ಹೇಳುತ್ತಿದ್ದರು. ಕೆಲವೊಮ್ಮೆ ತಾವೇ ನಿಂತು ಬಡಿಸಿ, ಮಕ್ಕಳ ತೃಪ್ತಿಯಿಂದ ಊಟ ಮಾಡುವುದನ್ನು ಕಂಡು ಹರ್ಷ ಪಡುತ್ತಿದ್ದರು. ಇದೇ ರೀತಿ ಯುಗಾದಿ ಹಬ್ಬದಲ್ಲಿಯೂ ಹೋಳಿಗೆಯನ್ನು ದೊಡ್ಡ ಗಾತ್ರದಲ್ಲಿ ಮಾಡಿಸಿ, ಮಕ್ಕಳು ತೃಪ್ತಿಯಾಗುವಷ್ಟು ಊಟ ಮಾಡಲು ಅವಕಾಶ ನೀಡುತ್ತಿದ್ದರು. ಒಮ್ಮೆ ಊಟ ಬಡಿಸುವಾಗ ಬಾಲಕನೊಬ್ಬ ಹಿಡಿದಿದ್ದ ತಟ್ಟೆಯನ್ನು ಕಂಡು ಕೋಪಗೊಂಡು ಜೋರಾಗಿ ಹೇಳಿದರು. ಪೂಜ್ಯರು ಮಕ್ಕಳ ಮೇಲೆ ಎಂದೂ ಕೋಪಿಸಿಕೊಳ್ಳುತ್ತಿರಲಿಲ್ಲ. ಒಮ್ಮೆ ಬೆಳಗಿನ ಉಪಹಾರಕ್ಕೆ ಮಕ್ಕಳು ಸಾಲಿನಲ್ಲಿ ಕುಳಿತಿದ್ದಾಗ ಅವರು ಬಂದು ಮಕ್ಕಳ ಮುಖ ನೋಡಿ ಸಂತೋಷಪಟ್ಟರು. ಊಟ ಮಾಡುವುದರ ಜೊತೆಗೆ ಓದಿನ ಕಡೆಗೂ ಗಮನ ಕೊಡುವಂತೆ ಹೇಳಿದರು. ಮಕ್ಕಳು ಮಾಡಿದ ಸಣ್ಣ ತಪ್ಪಿಗೆ ಶಿಕ್ಷೆ ನೀಡಿದ ಶಿಕ್ಷಕನನ್ನು ಕರೆದು ಬುದ್ದಿ ಹೇಳಿ, ಮಕ್ಕಳನ್ನು ಪ್ರೀತಿಯಿಂದ ತಿದ್ದಬೇಕು ಎಂದು ತಿಳಿಸಿದರು. ಹೀಗೆ ಶ್ರೀಗಳ ಬದುಕಿನ ಪ್ರತಿಯೊಂದು ಕ್ಷಣವೂ ಮಕ್ಕಳ ಹಿತಕ್ಕಾಗಿಯೇ ಮೀಸಲಾಗಿತ್ತು. ಮಕ್ಕಳು ಹಸಿವಿನಿಂದ ಇರಬಾರದು ಎಂಬುದು ಅವರ ಆಶಯ. ಒಮ್ಮೆ ಪ್ರವಾಸದಿಂದ ಹಿಂದಿರುಗಿದಾಗ ತಡರಾತ್ರಿಯಾಗಿದ್ದರೂ ವಿದ್ಯಾರ್ಥಿ ನಿಲಯಕ್ಕೆ ಹೋಗಿ ಮಕ್ಕಳು ಊಟ ಮಾಡಿದ್ದಾರೆಯೇ ಎಂದು ವಿಚಾರಿಸುತ್ತಿದ್ದರು. ಅವರು ತೋರಿದ ಮಾರ್ಗದಲ್ಲಿ ನಡೆಯುವುದೇ ನಾವು ಸಲ್ಲಿಸುವ ನಿಜವಾದ ಗೌರವ.

ಬಂದಿದ್ದರೆಂದು ಕೋಪದಿಂದ ಕೋಲಿನಿಂದ ಹೊಡೆದಾಗ ಕಾಲಿಗೆ ಬಲವಾದ ಪೆಟ್ಟು ಬಿದ್ದು ರಕ್ತಸ್ರಾವವಾಯಿತು. ವಿಷಯ ತಿಳಿದ ಶ್ರೀಗಳು ನೊಂದುಕೊಂಡರು. ಸಿಬ್ಬಂದಿಯವರನ್ನು ಕರೆದು ಆ ವಿದ್ಯಾರ್ಥಿಗೆ ಪ್ರಥಮ ಚಿಕಿತ್ಸೆ ಮಾಡಲು ಹೇಳಿದರು. ಬಹುಶಃ ಹೀಗಾಗಿದ್ದರೆ ಅವರ ತಂದೆ ತಾಯಿಗಳು ಈ ರೀತಿ ಸಂಕಟಪಡುತ್ತಿರಲಿಲ್ಲ ಎಂದರು. ಶಾಲೆಯ ವಿದ್ಯಾರ್ಥಿಗಳಿಗೆ ಪಾಠ ಹೇಳುವ ಶಿಕ್ಷಕರನ್ನು ಕೂಡ ಕರೆದು ಮಕ್ಕಳೊಂದಿಗೆ ಪ್ರೀತಿಯಿಂದ ವರ್ತಿಸುವಂತೆ ಸಲಹೆ ನೀಡುತ್ತಿದ್ದರು. ಮಕ್ಕಳನ್ನು ಶಿಕ್ಷಿಸುವುದರಿಂದ ಯಾವುದೇ ಪ್ರಯೋಜನವಿಲ್ಲ, ಅವರ ಮನಸ್ಸಿಗೆ ನೋವಾಗುತ್ತದೆ. ತಪ್ಪು ಮಾಡಿದಾಗ ತಿಳಿ ಹೇಳಿ ತಿದ್ದಬೇಕು ಎಂದು ಹೇಳುತ್ತಿದ್ದರು. ಶ್ರೀಗಳವರ ಮಾತೃ ಹೃದಯ ಅಪಾರವಾಗಿತ್ತು. ಆ ಪ್ರೀತಿಯ ಛಾಯೆಯಲ್ಲಿ ಬೆಳೆದ ಮಕ್ಕಳು ಇಂದು ದೇಶ ವಿದೇಶಗಳಲ್ಲಿ ಉನ್ನತ ಸ್ಥಾನಗಳಲ್ಲಿದ್ದಾರೆ. ಅವರೆಲ್ಲರೂ ಶ್ರೀಗಳ ನೆನಪನ್ನು ಹೃದಯದಲ್ಲಿ ಇಟ್ಟುಕೊಂಡಿದ್ದಾರೆ. ಇದಲ್ಲವೇ ಮಾತೃ ವಾತ್ಸಲ್ಯ! ಒಮ್ಮೆ ಶ್ರೀಮಠದ ವಿದ್ಯಾರ್ಥಿಯೊಬ್ಬನು ಮನೆಗೆ ಹೋಗಿದ್ದಾಗ ಅವನ ತಂದೆ ತಾಯಿ ಸಮೀಪದ ಗ್ರಾಮಕ್ಕೆ ಹೋಗಿದ್ದರು. ಊಟ ಸಿಗದೆ ಹಸಿವಿನಿಂದ ಮರಳಿ ಬಂದ ವಿದ್ಯಾರ್ಥಿಯನ್ನು ಶ್ರೀಗಳು ಕಂಡು ತಕ್ಷಣ ಊಟ ಬಡಿಸುವಂತೆ ಹೇಳಿದರು. ಮಕ್ಕಳ ಸಮಸ್ಯೆಗಳನ್ನು ಕೇಳಿ ಅವುಗಳಿಗೆ ಪರಿಹಾರ ಒದಗಿಸುತ್ತಿದ್ದರು. ಈ ರೀತಿ ಲಕ್ಷಾಂತರ ಮಕ್ಕಳ ಬದುಕಿಗೆ ಬೆಳಕಾದವರು ಶ್ರೀಗಳು. ಪೂಜ್ಯರ 119ನೇ ಜನ್ಮದಿನದಂದು ಅವರ ಆದರ್ಶಗಳನ್ನು ಪಾಲಿಸುವ ಸಂಕಲ್ಪ ಮಾಡೋಣ.

ಸಿಬ್ಬಂದಿಯವರನ್ನು ಕೇಳಿದಾಗ ಅವರು ಈ ಬಗ್ಗೆ ಗೊತ್ತಿಲ್ಲ ಎಂದರು. ಹಸುಗಳ ಹಾಲು ಕರೆಯಲು ಹೋದವರು ಇನ್ನೂ ಬಂದಿಲ್ಲ ಎಂದು ಹೇಳಿದರು. ಪೂಜ್ಯರು ನೊಂದುಕೊಂಡು, ಹಾಲಿನ ವ್ಯವಸ್ಥೆ ಮಾಡಲು ಹೇಳಿದರು. ಮಕ್ಕಳಿಗೆ ಪ್ರತಿದಿನ ಹಾಲು ಕೊಡುವ ವ್ಯವಸ್ಥೆ ಮಾಡಲಾಗಿತ್ತು. ಒಂದು ಕಪ್ಪು ಹಾಲಿಗಿಂತ 4–5 ಜನ ಮಕ್ಕಳಿಗೆ ಹಂಚುತ್ತಿದ್ದರು. ಮಕ್ಕಳಿಗೆ ಹಾಲು ಕುಡಿಯುವುದನ್ನೇ ಬಿಟ್ಟ ಮಾತ್ರ ಹೃದಯವಿತ್ತು. ಪೂಜ್ಯ ಶ್ರೀಗಳವರು 111 ವರ್ಷಗಳ ಸಾರ್ಥಕ ಜೀವನವನ್ನು ನಡೆಸಿ ನಿಜವಾದ ಅರ್ಥದಲ್ಲಿ ಮಕ್ಕಳ ಸಂದರ್ಭದಲ್ಲಿ ಸಿಬ್ಬಂದಿಯವರನ್ನು ಕರೆದು ಹಾಲು ಕುಡಿಸುವಂತೆ ಸೂಚಿಸುತ್ತಿದ್ದರು. ಮಕ್ಕಳು ತಾವು ಹಾಲು ಕುಡಿದ ನಂತರ ಬಂದ ಸಿಬ್ಬಂದಿಯವರಿಗೆ ಇಂತಹ ಸಾವಿರಾರು ಘಟನೆಗಳು ನಡೆದಿವೆ. ಅವರ ಮಾತೃ ಹೃದಯದ ಕರುಣೆ ಹೀಗಿತ್ತು.

ಅಪಾರವಾದ ಪ್ರೀತಿ, ಮಮತೆ, ವಾತ್ಸಲ್ಯ ಎಲ್ಲಾ ಮಕ್ಕಳನ್ನು ತಮ್ಮ ಮಕ್ಕಳೆಂದು ಭಾವಿಸಿ ಕರುಣಾಸಾಗರ. ಪರಮಪೂಜ್ಯ ಆಶ್ರಯದಲ್ಲಿ, ಮಾರ್ಗದರ್ಶನದಲ್ಲಿ ಬೆಳೆದ ಮಕ್ಕಳು ಇಂದಿನ ಹಿರಿಯ ವಿದ್ಯಾರ್ಥಿಗಳು ಮಹಾಭಾಗ್ಯವಂತರು. ಪೂಜ್ಯರ ಸ್ಮರಣೆ ಮಕ್ಕಳಿಗೆ ಸಂಸ್ಕೃತಿಯ ತಳಹದಿ ಎಂಬುದರಲ್ಲಿ ಎರಡು ಮಾತಿಲ್ಲ.

–ಎಚ್.ಎಸ್. ಸಿದ್ದಗಂಗಪ್ಪ
